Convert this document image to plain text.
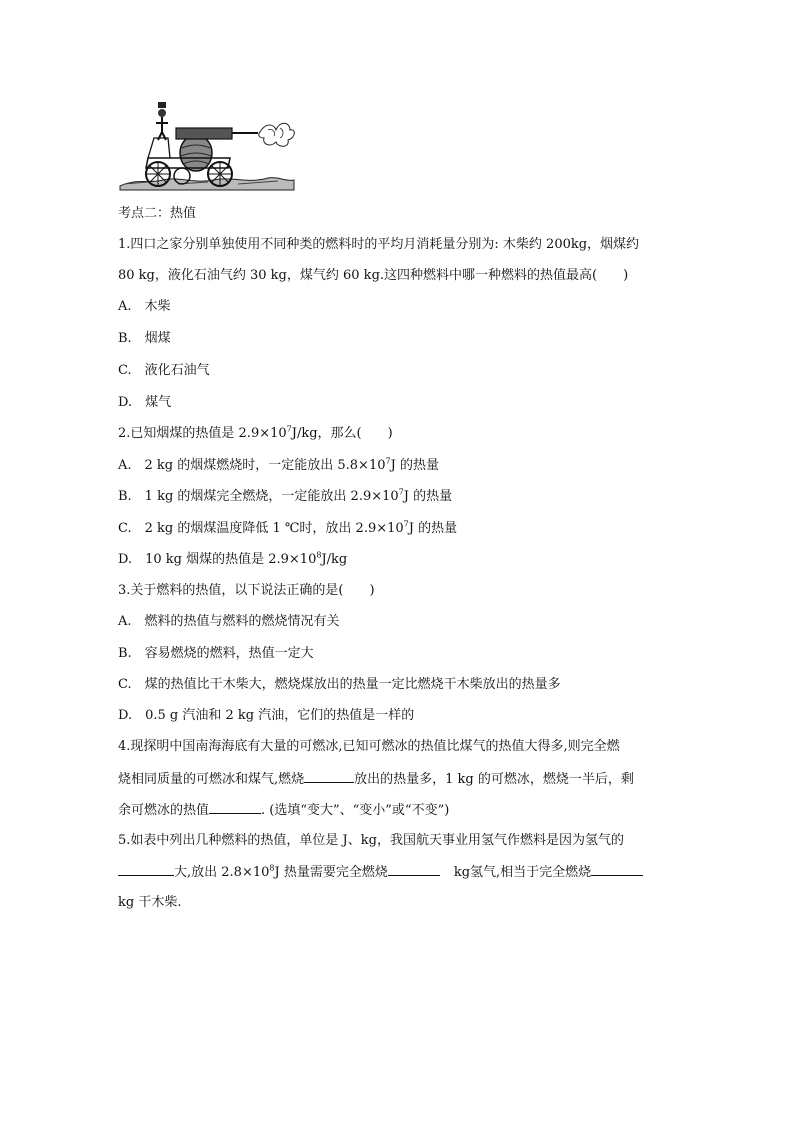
考点二：热值
1.四口之家分别单独使用不同种类的燃料时的平均月消耗量分别为: 木柴约 200kg，烟煤约
80 kg，液化石油气约 30 kg，煤气约 60 kg.这四种燃料中哪一种燃料的热值最高(　　)
A.　木柴
B.　烟煤
C.　液化石油气
D.　煤气
2.已知烟煤的热值是 $2.9\times 10^7J/kg$，那么(　　)
A.　2 kg 的烟煤燃烧时，一定能放出 $5.8\times 10^7J$ 的热量
B.　1 kg 的烟煤完全燃烧，一定能放出 $2.9\times 10^7J$ 的热量
C.　2 kg 的烟煤温度降低 1 ℃时，放出 $2.9\times 10^7J$ 的热量
D.　10 kg 烟煤的热值是 $2.9\times 10^8J/kg$
3.关于燃料的热值，以下说法正确的是(　　)
A.　燃料的热值与燃料的燃烧情况有关
B.　容易燃烧的燃料，热值一定大
C.　煤的热值比干木柴大，燃烧煤放出的热量一定比燃烧干木柴放出的热量多
D.　0.5 g 汽油和 2 kg 汽油，它们的热值是一样的
4.现探明中国南海海底有大量的可燃冰,已知可燃冰的热值比煤气的热值大得多,则完全燃
烧相同质量的可燃冰和煤气,燃烧	放出的热量多，1 kg 的可燃冰，燃烧一半后，剩
余可燃冰的热值	. (选填“变大”、“变小”或“不变”)
5.如表中列出几种燃料的热值，单位是 J、kg，我国航天事业用氢气作燃料是因为氢气的
大,放出 $2.8\times 10^8J$ 热量需要完全燃烧	kg氢气,相当于完全燃烧
kg 干木柴.
